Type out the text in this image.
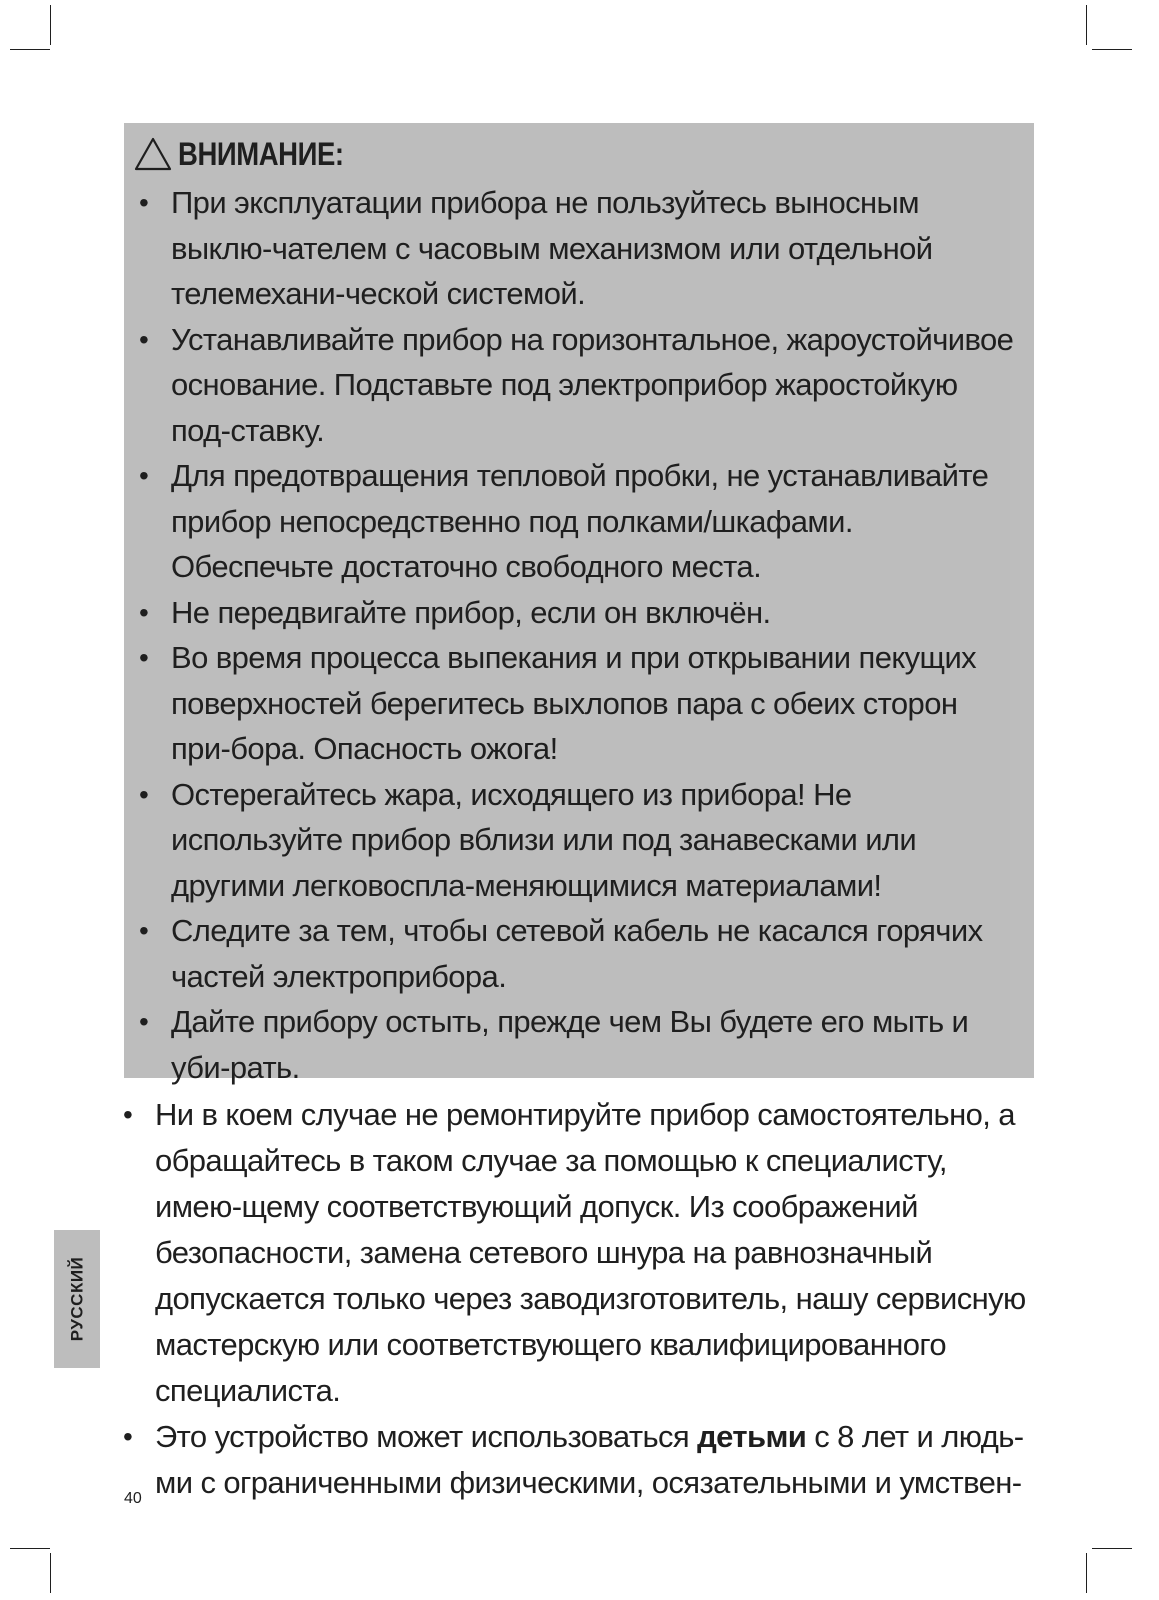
ВНИМАНИЕ:
• При эксплуатации прибора не пользуйтесь выносным выклю-чателем с часовым механизмом или отдельной телемехани-ческой системой.
• Устанавливайте прибор на горизонтальное, жароустойчивое основание. Подставьте под электроприбор жаростойкую под-ставку.
• Для предотвращения тепловой пробки, не устанавливайте прибор непосредственно под полками/шкафами. Обеспечьте достаточно свободного места.
• Не передвигайте прибор, если он включён.
• Во время процесса выпекания и при открывании пекущих поверхностей берегитесь выхлопов пара с обеих сторон при-бора. Опасность ожога!
• Остерегайтесь жара, исходящего из прибора! Не используйте прибор вблизи или под занавесками или другими легковоспла-меняющимися материалами!
• Следите за тем, чтобы сетевой кабель не касался горячих частей электроприбора.
• Дайте прибору остыть, прежде чем Вы будете его мыть и уби-рать.
• Ни в коем случае не ремонтируйте прибор самостоятельно, а обращайтесь в таком случае за помощью к специалисту, имею-щему соответствующий допуск. Из соображений безопасности, замена сетевого шнура на равнозначный допускается только через заводизготовитель, нашу сервисную мастерскую или соответствующего квалифицированного специалиста.
• Это устройство может использоваться детьми с 8 лет и людь-ми с ограниченными физическими, осязательными и умствен-
РУССКИЙ
40
